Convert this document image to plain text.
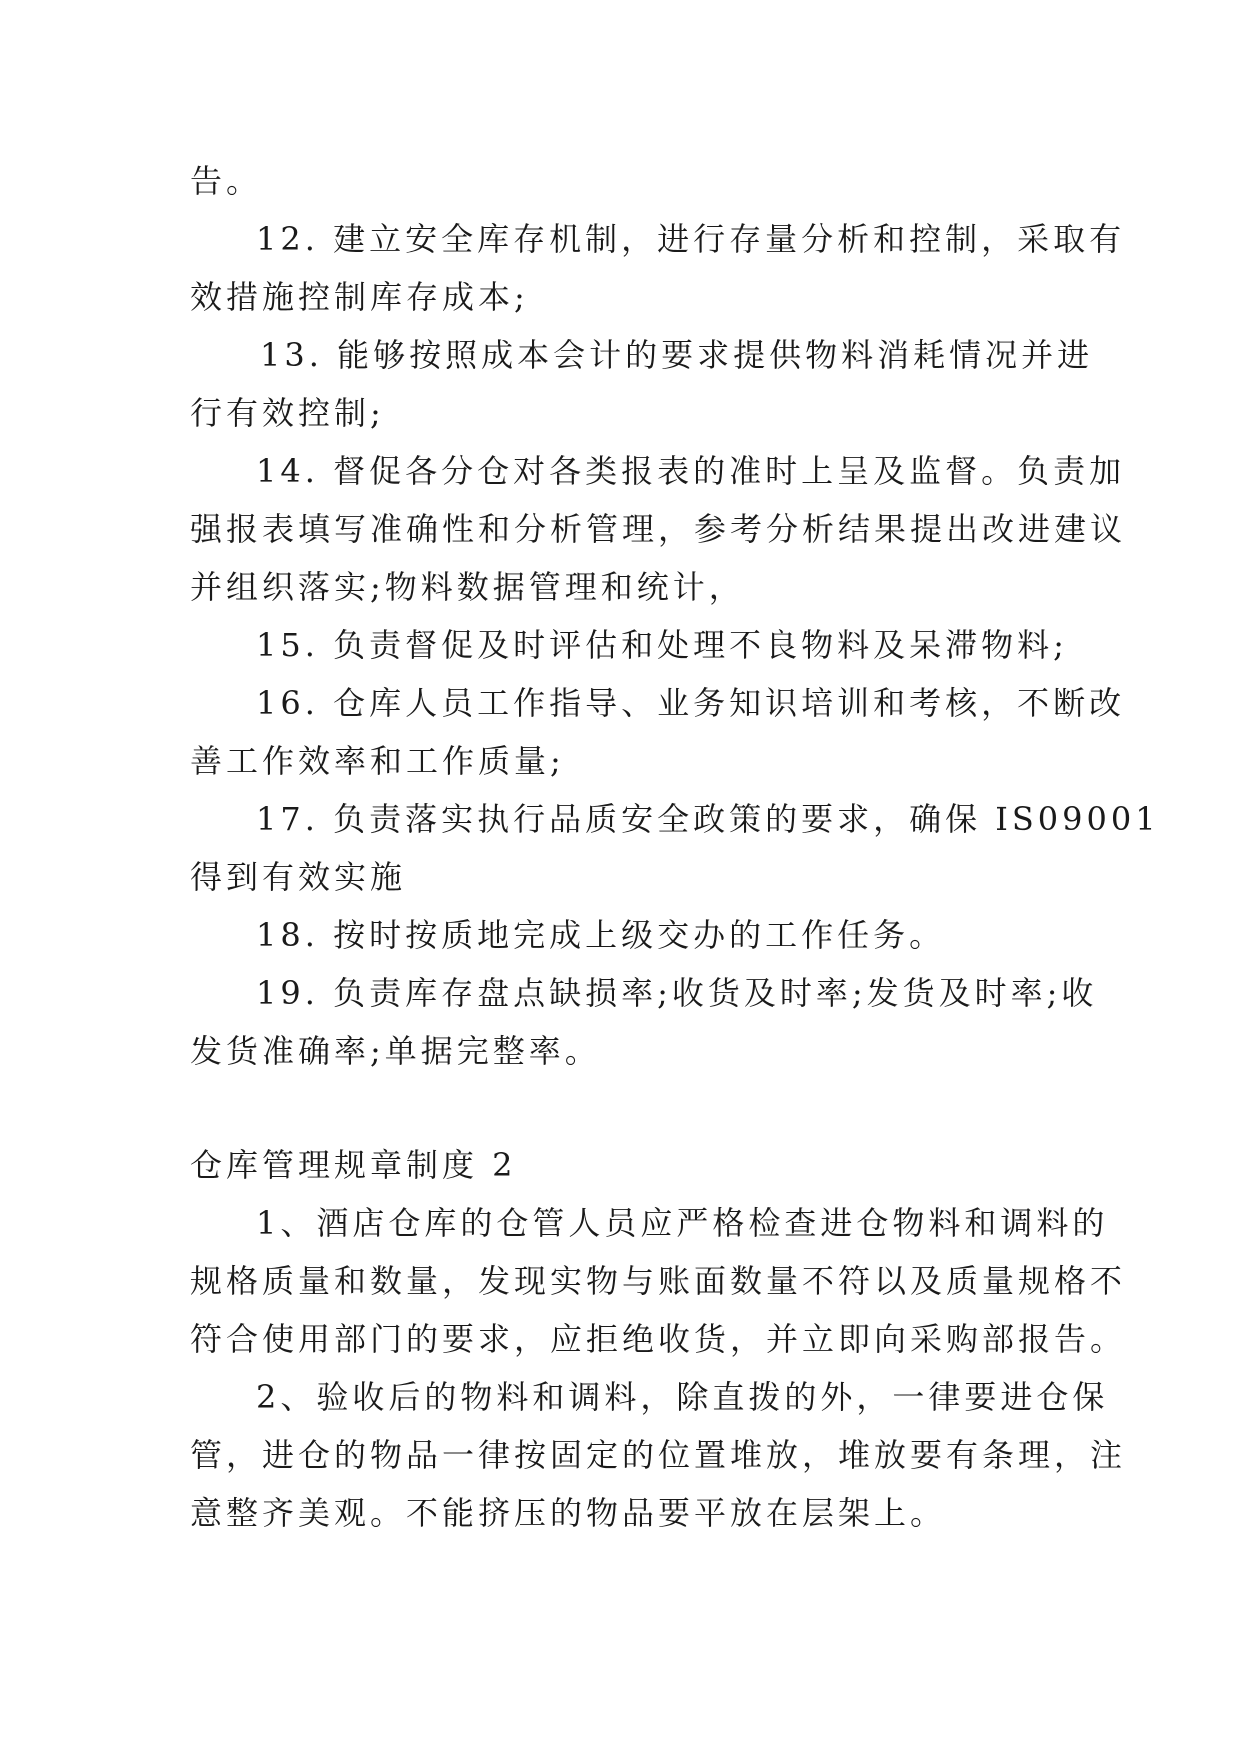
告。
12. 建立安全库存机制，进行存量分析和控制，采取有
效措施控制库存成本;
13. 能够按照成本会计的要求提供物料消耗情况并进
行有效控制;
14. 督促各分仓对各类报表的准时上呈及监督。负责加
强报表填写准确性和分析管理，参考分析结果提出改进建议
并组织落实;物料数据管理和统计，
15. 负责督促及时评估和处理不良物料及呆滞物料;
16. 仓库人员工作指导、业务知识培训和考核，不断改
善工作效率和工作质量;
17. 负责落实执行品质安全政策的要求，确保 IS09001
得到有效实施
18. 按时按质地完成上级交办的工作任务。
19. 负责库存盘点缺损率;收货及时率;发货及时率;收
发货准确率;单据完整率。
仓库管理规章制度 2
1、酒店仓库的仓管人员应严格检查进仓物料和调料的
规格质量和数量，发现实物与账面数量不符以及质量规格不
符合使用部门的要求，应拒绝收货，并立即向采购部报告。
2、验收后的物料和调料，除直拨的外，一律要进仓保
管，进仓的物品一律按固定的位置堆放，堆放要有条理，注
意整齐美观。不能挤压的物品要平放在层架上。
